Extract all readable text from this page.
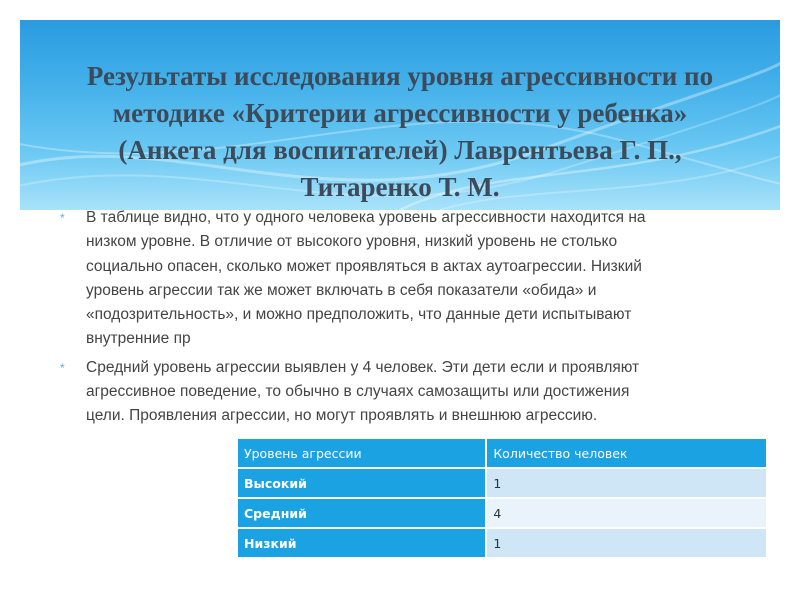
Результаты исследования уровня агрессивности по
методике «Критерии агрессивности у ребенка»
(Анкета для воспитателей) Лаврентьева Г. П.,
Титаренко Т. М.
* В таблице видно, что у одного человека уровень агрессивности находится на
низком уровне. В отличие от высокого уровня, низкий уровень не столько
социально опасен, сколько может проявляться в актах аутоагрессии. Низкий
уровень агрессии так же может включать в себя показатели «обида» и
«подозрительность», и можно предположить, что данные дети испытывают
внутренние пр
* Средний уровень агрессии выявлен у 4 человек. Эти дети если и проявляют
агрессивное поведение, то обычно в случаях самозащиты или достижения
цели. Проявления агрессии, но могут проявлять и внешнюю агрессию.
Уровень агрессии	Количество человек
Высокий	1
Средний	4
Низкий	1
